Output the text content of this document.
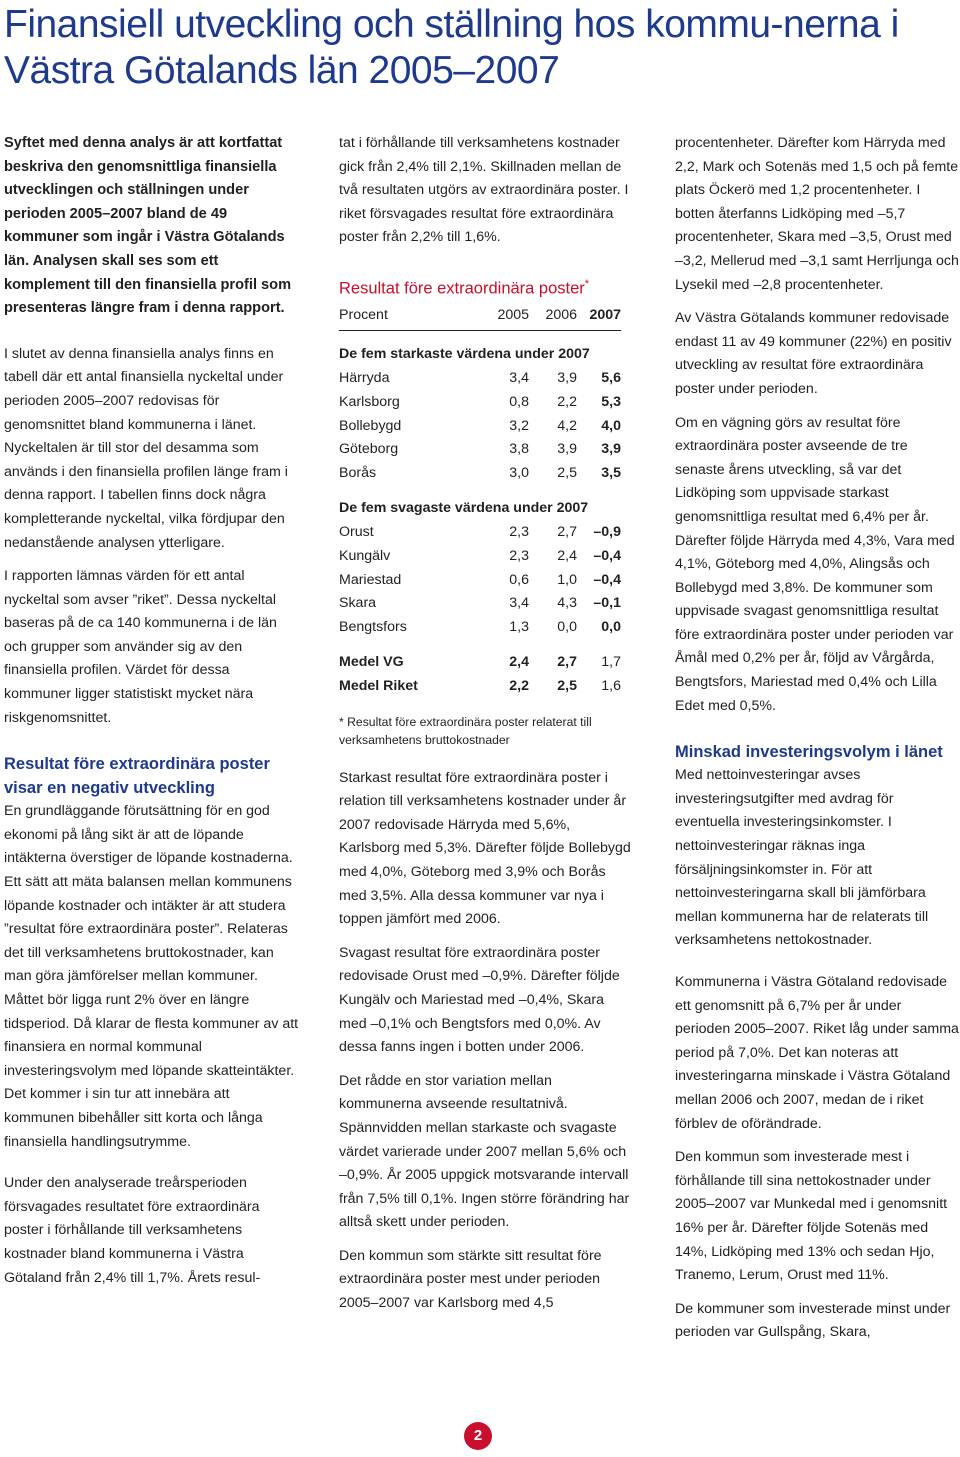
Finansiell utveckling och ställning hos kommu-nerna i Västra Götalands län 2005–2007

Syftet med denna analys är att kortfattat beskriva den genomsnittliga finansiella utvecklingen och ställningen under perioden 2005–2007 bland de 49 kommuner som ingår i Västra Götalands län. Analysen skall ses som ett komplement till den finansiella profil som presenteras längre fram i denna rapport.

I slutet av denna finansiella analys finns en tabell där ett antal finansiella nyckeltal under perioden 2005–2007 redovisas för genomsnittet bland kommunerna i länet. Nyckeltalen är till stor del desamma som används i den finansiella profilen länge fram i denna rapport. I tabellen finns dock några kompletterande nyckeltal, vilka fördjupar den nedanstående analysen ytterligare.

I rapporten lämnas värden för ett antal nyckeltal som avser ”riket”. Dessa nyckeltal baseras på de ca 140 kommunerna i de län och grupper som använder sig av den finansiella profilen. Värdet för dessa kommuner ligger statistiskt mycket nära riskgenomsnittet.

Resultat före extraordinära poster visar en negativ utveckling

En grundläggande förutsättning för en god ekonomi på lång sikt är att de löpande intäkterna överstiger de löpande kostnaderna. Ett sätt att mäta balansen mellan kommunens löpande kostnader och intäkter är att studera ”resultat före extraordinära poster”. Relateras det till verksamhetens bruttokostnader, kan man göra jämförelser mellan kommuner. Måttet bör ligga runt 2% över en längre tidsperiod. Då klarar de flesta kommuner av att finansiera en normal kommunal investeringsvolym med löpande skatteintäkter. Det kommer i sin tur att innebära att kommunen bibehåller sitt korta och långa finansiella handlingsutrymme.

Under den analyserade treårsperioden försvagades resultatet före extraordinära poster i förhållande till verksamhetens kostnader bland kommunerna i Västra Götaland från 2,4% till 1,7%. Årets resul-

tat i förhållande till verksamhetens kostnader gick från 2,4% till 2,1%. Skillnaden mellan de två resultaten utgörs av extraordinära poster. I riket försvagades resultat före extraordinära poster från 2,2% till 1,6%.

Resultat före extraordinära poster*
Procent	2005	2006	2007
De fem starkaste värdena under 2007			
Härryda	3,4	3,9	5,6
Karlsborg	0,8	2,2	5,3
Bollebygd	3,2	4,2	4,0
Göteborg	3,8	3,9	3,9
Borås	3,0	2,5	3,5
De fem svagaste värdena under 2007			
Orust	2,3	2,7	–0,9
Kungälv	2,3	2,4	–0,4
Mariestad	0,6	1,0	–0,4
Skara	3,4	4,3	–0,1
Bengtsfors	1,3	0,0	0,0

Medel VG	2,4	2,7	1,7
Medel Riket	2,2	2,5	1,6

* Resultat före extraordinära poster relaterat till verksamhetens bruttokostnader

Starkast resultat före extraordinära poster i relation till verksamhetens kostnader under år 2007 redovisade Härryda med 5,6%, Karlsborg med 5,3%. Därefter följde Bollebygd med 4,0%, Göteborg med 3,9% och Borås med 3,5%. Alla dessa kommuner var nya i toppen jämfört med 2006.

Svagast resultat före extraordinära poster redovisade Orust med –0,9%. Därefter följde Kungälv och Mariestad med –0,4%, Skara med –0,1% och Bengtsfors med 0,0%. Av dessa fanns ingen i botten under 2006.

Det rådde en stor variation mellan kommunerna avseende resultatnivå. Spännvidden mellan starkaste och svagaste värdet varierade under 2007 mellan 5,6% och –0,9%. År 2005 uppgick motsvarande intervall från 7,5% till 0,1%. Ingen större förändring har alltså skett under perioden.

Den kommun som stärkte sitt resultat före extraordinära poster mest under perioden 2005–2007 var Karlsborg med 4,5

procentenheter. Därefter kom Härryda med 2,2, Mark och Sotenäs med 1,5 och på femte plats Öckerö med 1,2 procentenheter. I botten återfanns Lidköping med –5,7 procentenheter, Skara med –3,5, Orust med –3,2, Mellerud med –3,1 samt Herrljunga och Lysekil med –2,8 procentenheter.

Av Västra Götalands kommuner redovisade endast 11 av 49 kommuner (22%) en positiv utveckling av resultat före extraordinära poster under perioden.

Om en vägning görs av resultat före extraordinära poster avseende de tre senaste årens utveckling, så var det Lidköping som uppvisade starkast genomsnittliga resultat med 6,4% per år. Därefter följde Härryda med 4,3%, Vara med 4,1%, Göteborg med 4,0%, Alingsås och Bollebygd med 3,8%. De kommuner som uppvisade svagast genomsnittliga resultat före extraordinära poster under perioden var Åmål med 0,2% per år, följd av Vårgårda, Bengtsfors, Mariestad med 0,4% och Lilla Edet med 0,5%.

Minskad investeringsvolym i länet

Med nettoinvesteringar avses investeringsutgifter med avdrag för eventuella investeringsinkomster. I nettoinvesteringar räknas inga försäljningsinkomster in. För att nettoinvesteringarna skall bli jämförbara mellan kommunerna har de relaterats till verksamhetens nettokostnader.

Kommunerna i Västra Götaland redovisade ett genomsnitt på 6,7% per år under perioden 2005–2007. Riket låg under samma period på 7,0%. Det kan noteras att investeringarna minskade i Västra Götaland mellan 2006 och 2007, medan de i riket förblev de oförändrade.

Den kommun som investerade mest i förhållande till sina nettokostnader under 2005–2007 var Munkedal med i genomsnitt 16% per år. Därefter följde Sotenäs med 14%, Lidköping med 13% och sedan Hjo, Tranemo, Lerum, Orust med 11%.

De kommuner som investerade minst under perioden var Gullspång, Skara,

2
